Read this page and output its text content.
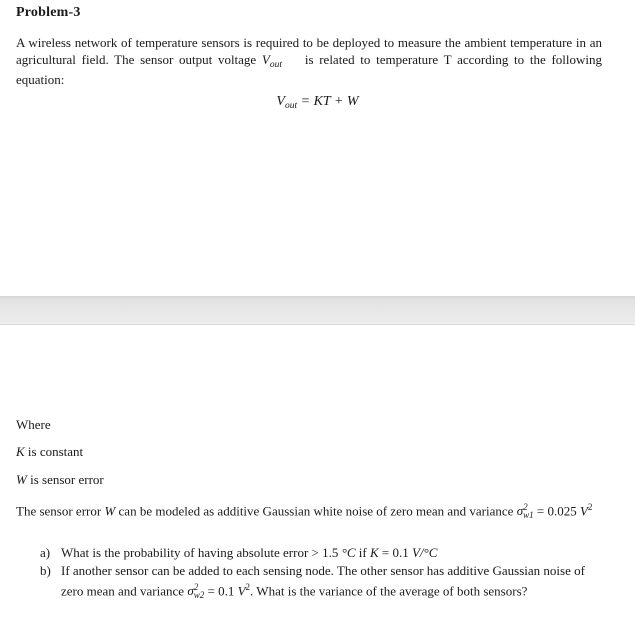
Problem-3
A wireless network of temperature sensors is required to be deployed to measure the ambient temperature in an agricultural field. The sensor output voltage $V_{out}$    is related to temperature T according to the following equation:
$V_{out}$ = KT + W
Where
K is constant
W is sensor error
The sensor error W can be modeled as additive Gaussian white noise of zero mean and variance σ 2
w1 = 0.025 $V^2$
a) What is the probability of having absolute error > 1.5 °C if K = 0.1 V/°C
b) If another sensor can be added to each sensing node. The other sensor has additive Gaussian noise of zero mean and variance σ 2
w2 = 0.1 $V^2$. What is the variance of the average of both sensors?
